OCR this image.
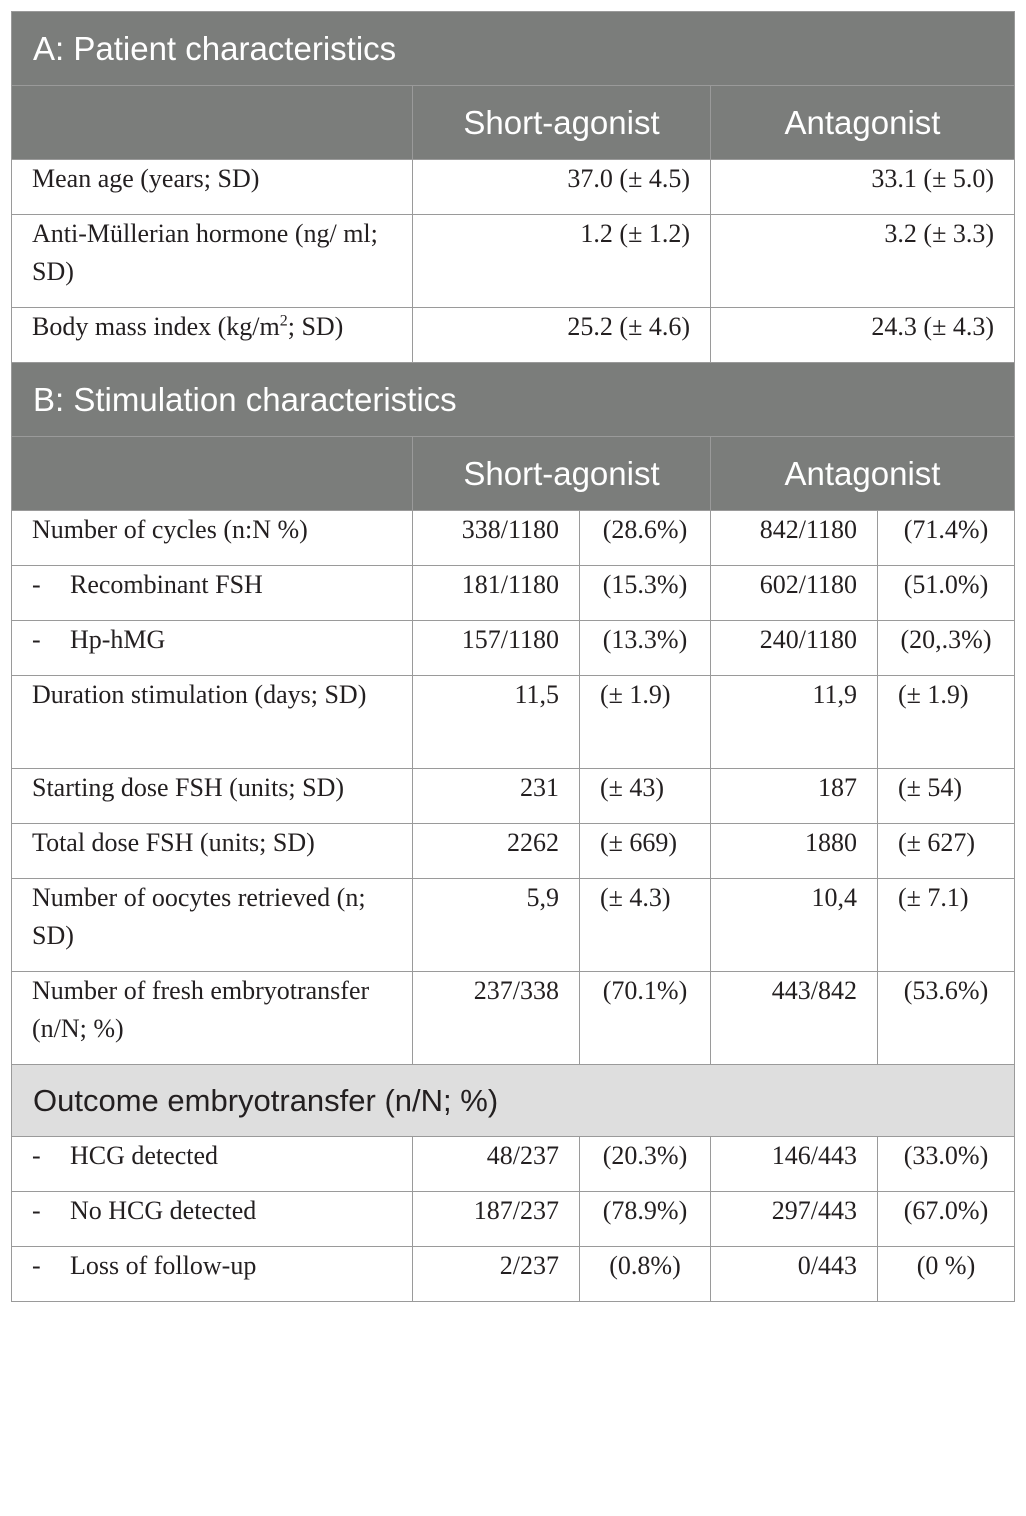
A: Patient characteristics				
	Short-agonist		Antagonist	
Mean age (years; SD)	37.0 (± 4.5)		33.1 (± 5.0)	
Anti-Müllerian hormone (ng/ ml; SD)	1.2 (± 1.2)		3.2 (± 3.3)	
Body mass index ($kg/m^2$; SD)	25.2 (± 4.6)		24.3 (± 4.3)	
B: Stimulation characteristics				
	Short-agonist		Antagonist	
Number of cycles (n:N %)	338/1180	(28.6%)	842/1180	(71.4%)
- Recombinant FSH	181/1180	(15.3%)	602/1180	(51.0%)
- Hp-hMG	157/1180	(13.3%)	240/1180	(20,.3%)
Duration stimulation (days; SD)	11,5	(± 1.9)	11,9	(± 1.9)
Starting dose FSH (units; SD)	231	(± 43)	187	(± 54)
Total dose FSH (units; SD)	2262	(± 669)	1880	(± 627)
Number of oocytes retrieved (n; SD)	5,9	(± 4.3)	10,4	(± 7.1)
Number of fresh embryotransfer (n/N; %)	237/338	(70.1%)	443/842	(53.6%)
Outcome embryotransfer (n/N; %)				
- HCG detected	48/237	(20.3%)	146/443	(33.0%)
- No HCG detected	187/237	(78.9%)	297/443	(67.0%)
- Loss of follow-up	2/237	(0.8%)	0/443	(0 %)
